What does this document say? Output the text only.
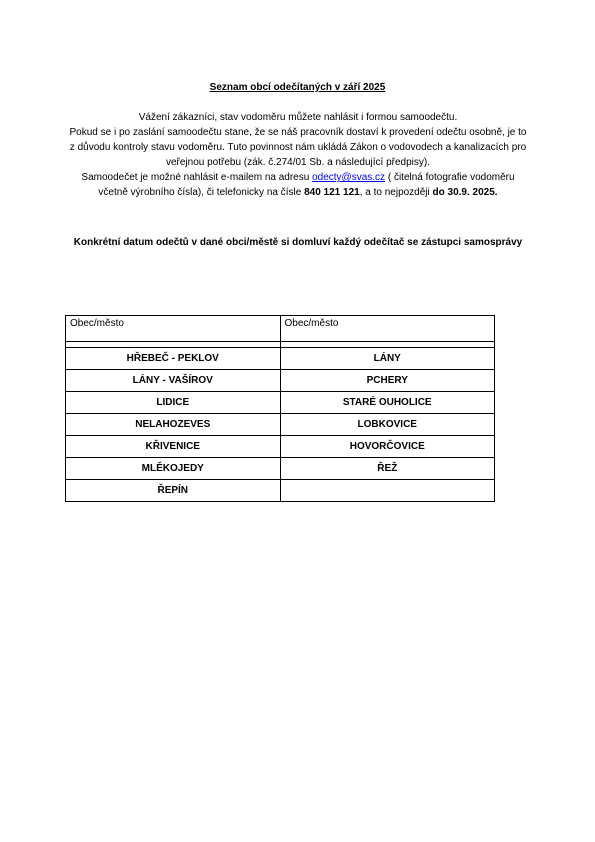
Seznam obcí odečítaných v září 2025

Vážení zákazníci, stav vodoměru můžete nahlásit i formou samoodečtu.

Pokud se i po zaslání samoodečtu stane, že se náš pracovník dostaví k provedení odečtu osobně, je to z důvodu kontroly stavu vodoměru. Tuto povinnost nám ukládá Zákon o vodovodech a kanalizacích pro veřejnou potřebu (zák. č.274/01 Sb. a následující předpisy).

Samoodečet je možné nahlásit e-mailem na adresu odecty@svas.cz ( čitelná fotografie vodoměru včetně výrobního čísla), či telefonicky na čísle 840 121 121, a to nejpozději do 30.9. 2025.

Konkrétní datum odečtů v dané obci/městě si domluví každý odečítač se zástupci samosprávy
Obec/město	Obec/město

HŘEBEČ - PEKLOV	LÁNY
LÁNY - VAŠÍROV	PCHERY
LIDICE	STARÉ OUHOLICE
NELAHOZEVES	LOBKOVICE
KŘIVENICE	HOVORČOVICE
MLĚKOJEDY	ŘEŽ
ŘEPÍN	
